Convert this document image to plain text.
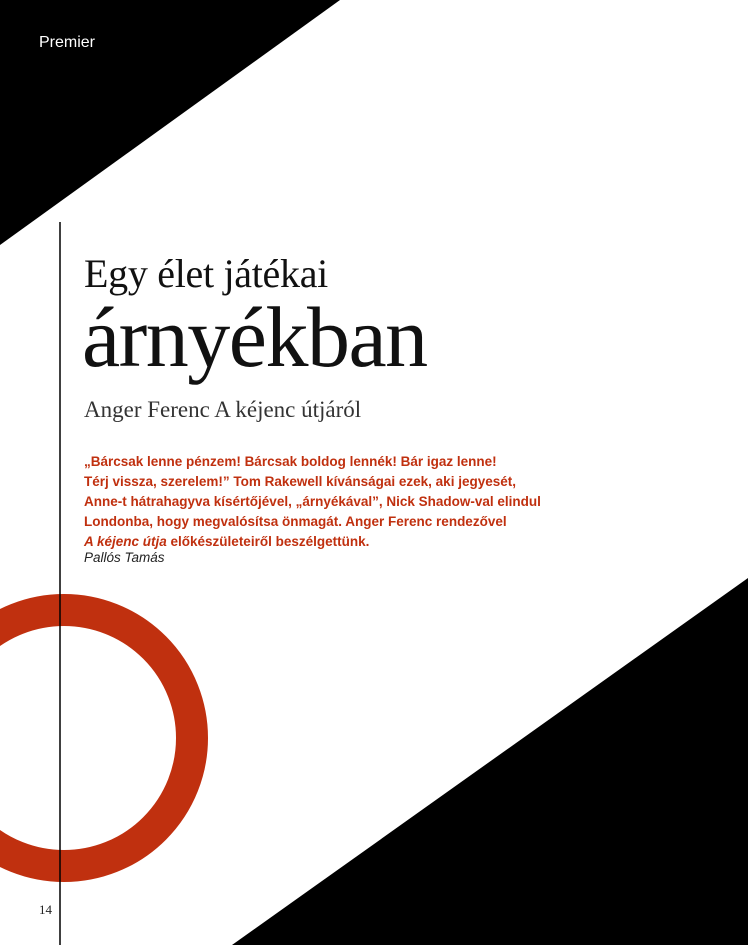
Premier
Egy élet játékai
árnyékban
Anger Ferenc A kéjenc útjáról
„Bárcsak lenne pénzem! Bárcsak boldog lennék! Bár igaz lenne!
Térj vissza, szerelem!” Tom Rakewell kívánságai ezek, aki jegyesét,
Anne-t hátrahagyva kísértőjével, „árnyékával”, Nick Shadow-val elindul
Londonba, hogy megvalósítsa önmagát. Anger Ferenc rendezővel
A kéjenc útja előkészületeiről beszélgettünk.
Pallós Tamás
14
